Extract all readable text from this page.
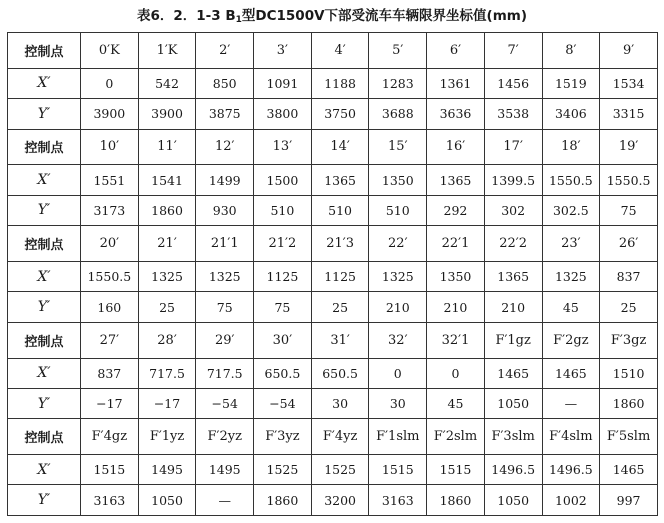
表6．2．1-3 $B_1$型DC1500V下部受流车车辆限界坐标值(mm)
控制点	0′K	1′K	2′	3′	4′	5′	6′	7′	8′	9′
X′	0	542	850	1091	1188	1283	1361	1456	1519	1534
Y′	3900	3900	3875	3800	3750	3688	3636	3538	3406	3315
控制点	10′	11′	12′	13′	14′	15′	16′	17′	18′	19′
X′	1551	1541	1499	1500	1365	1350	1365	1399.5	1550.5	1550.5
Y′	3173	1860	930	510	510	510	292	302	302.5	75
控制点	20′	21′	21′1	21′2	21′3	22′	22′1	22′2	23′	26′
X′	1550.5	1325	1325	1125	1125	1325	1350	1365	1325	837
Y′	160	25	75	75	25	210	210	210	45	25
控制点	27′	28′	29′	30′	31′	32′	32′1	F′1gz	F′2gz	F′3gz
X′	837	717.5	717.5	650.5	650.5	0	0	1465	1465	1510
Y′	−17	−17	−54	−54	30	30	45	1050	—	1860
控制点	F′4gz	F′1yz	F′2yz	F′3yz	F′4yz	F′1slm	F′2slm	F′3slm	F′4slm	F′5slm
X′	1515	1495	1495	1525	1525	1515	1515	1496.5	1496.5	1465
Y′	3163	1050	—	1860	3200	3163	1860	1050	1002	997
